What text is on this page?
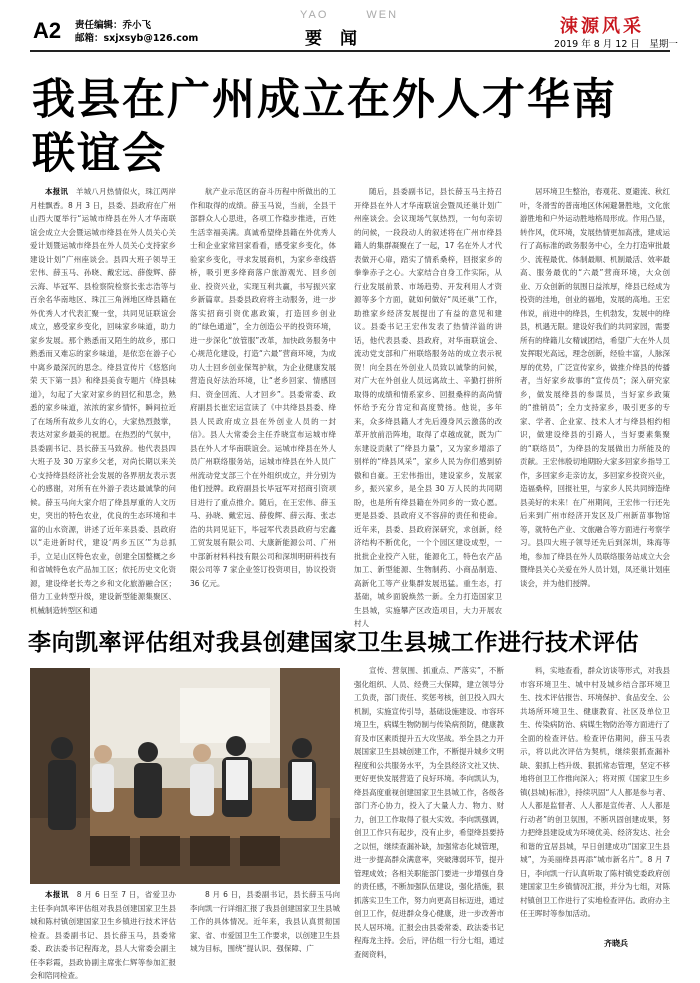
A2 责任编辑：乔小飞
邮箱：sxjxsyb@126.com
YAO	WEN
要闻
涑源风采
2019 年 8 月 12 日　星期一
我县在广州成立在外人才华南
联谊会

本报讯　 羊城八月热情似火，珠江两岸月桂飘香。8 月 3 日，县委、县政府在广州山西大厦举行“运城市绛县在外人才华南联谊会成立大会暨运城市绛县在外人员关心关爱计划暨运城市绛县在外人员关心支持家乡建设计划”广州座谈会。县四大班子领导王宏伟、薛玉马、孙晓、戴宏远、薛俊辉、薛云海、毕冠军、县检察院检察长张志浩等与百余名华南地区、珠江三角洲地区绛县籍在外优秀人才代表汇聚一堂，共同见证联谊会成立，感受家乡变化，回味家乡味道，助力家乡发展。那个熟悉而又陌生的故乡，那口熟悉而又难忘的家乡味道，是依恋在游子心中离乡最深沉的思念。绛县宣传片《悠悠向荣 天下第一县》和绛县美食专题片《绛县味道》，勾起了大家对家乡的回忆和思念，熟悉的家乡味道，浓浓的家乡情怀，瞬间拉近了在场所有故乡儿女的心，大家热烈鼓掌，表达对家乡最美的祝愿。在热烈的气氛中，县委副书记、县长薛玉马致辞。他代表县四大班子及 30 万家乡父老，对尚长期以来关心支持绛县经济社会发展的各界朋友表示衷心的感谢，对所有在外游子表达最诚挚的问候。薛玉马向大家介绍了绛县厚重的人文历史，突出的特色农业，优良的生态环境和丰富的山水资源，讲述了近年来县委、县政府以“走进新时代，建设‘两乡五区’”为总抓手，立足山区特色农业，创建全国整概之乡和省城特色农产品加工区；依托历史文化资源，建设绛老长寿之乡和文化旅游融合区；借力工业转型升级，建设新型能源集聚区、机械制造转型区和通

航产业示范区的奋斗历程中所做出的工作和取得的成绩。薛玉马说，当前，全县干部群众人心思进，各项工作稳步推进，百姓生活幸福美满。真诚希望绛县籍在外优秀人士和企业家常回家看看，感受家乡变化，体验家乡变化，寻求发展商机，为家乡牵线搭桥，吸引更多绛商落户旅游观光、回乡创业、投资兴业，实现互利共赢，书写振兴家乡新篇章。县委县政府将主动服务，进一步落实招商引资优惠政策，打造回乡创业的“绿色通道”，全力创造公平的投资环境，进一步深化“放管服”改革，加快政务服务中心规范化建设，打造“六最”营商环境，为成功人士回乡创业保驾护航，为企业健康发展营造良好法治环境，让“老乡回家、情感回归、资金回流、人才回乡”。县委常委、政府副县长崔宏运宣读了《中共绛县县委、绛县人民政府成立县在外创业人员的一封信》。县人大常委会主任乔晓宣布运城市绛县在外人才华南联谊会。运城市绛县在外人员广州联络服务站，运城市绛县在外人员广州流动党支部三个在外组织成立，并分别为他们授牌。政府副县长毕冠军对招商引资项目进行了重点推介。随后，在王宏伟、薛玉马、孙晓、戴宏远、薛俊辉、薛云海、张志浩的共同见证下，毕冠军代表县政府与宏鑫工贸发展有限公司、大康新能源公司、广州中部新材料科技有限公司和深圳明研科技有限公司等 7 家企业签订投资项目，协议投资 36 亿元。

随后，县委副书记，县长薛玉马主持召开绛县在外人才华南联谊会暨凤还巢计划广州座谈会。会议现场气氛热烈，一句句亲切的问候，一段段动人的叙述将在广州市绛县籍人的集群凝聚在了一起，17 名在外人才代表做开心扉，踏实了情系桑梓，回报家乡的拳拳赤子之心。大家结合自身工作实际，从行业发展前景、市场趋势、开发利用人才资源等多个方面，就如何做好“凤还巢”工作，助推家乡经济发展提出了有益的意见和建议。县委书记王宏伟发表了热情洋溢的讲话，他代表县委、县政府，对华南联谊会、流动党支部和广州联络服务站的成立表示祝贺！向全县在外创业人员致以诚挚的问候，对广大在外创业人员远离故土、辛勤打拼所取得的成绩和情系家乡、回报桑梓的高尚情怀给予充分肯定和高度赞扬。他说，多年来，众多绛县籍人才先后漫身风云激荡的改革开放前沿阵地，取得了卓越成就，既为广东建设贡献了“绛县力量”，又为家乡增添了别样的“绛县风采”，家乡人民为你们感到骄傲和自豪。王宏伟指出，建设家乡，发展家乡，振兴家乡，是全县 30 万人民的共同期盼，也是所有绛县籍在外同乡的一致心愿。更是县委、县政府义不容辞的责任和使命。近年来，县委、县政府深研究，求创新，经济结构不断优化，一个个园区建设成型，一批批企业投产入驻，能源化工，特色农产品加工、新型能源、生物制药、小商品制造、高新化工等产业集群发展迅猛。重生态，打基础，城乡面貌焕然一新。全力打造国家卫生县城，实施攀产区改造项目，大力开展农村人

居环境卫生整治，春观花、夏避流、秋红叶，冬滑雪的普南地区休闲避暑胜地，文化旅游胜地和户外运动胜地格局形成。作用凸显，转作风，优环境，发展热情更加高涨，建成运行了高标准的政务服务中心，全力打造审批最少、流程最优、体制最顺、机制最活、效率最高、服务最优的“六最”营商环境，大众创业、万众创新的氛围日益浓厚，绛县已经成为投资的洼地，创业的福地，发展的高地。王宏伟说，前进中的绛县，生机勃发，发展中的绛县，机遇无限。建设好我们的共同家园，需要所有的绛籍儿女精诚团结，希望广大在外人员发挥眼光高远，理念创新，经验丰富，人脉深厚的优势，广泛宣传家乡，做推介绛县的传播者，当好家乡故事的“宣传员”；深入研究家乡，做发展绛县的参谋员，当好家乡政策的“推销员”；全力支持家乡，吸引更多的专家、学者、企业家、技术人才与绛县相约相识，做建设绛县的引路人，当好要素集聚的“联络员”，为绛县的发展做出力所能及的贡献。王宏伟殷切地期盼大家多回家乡指导工作，多回家乡走亲访友，多回家乡投资兴业，造福桑梓，回报社里，与家乡人民共同缔造绛县美好的未来！在广州期间，王宏伟一行还先后来到广州市经济开发区及广州新苗事物馆等，就特色产业、文旅融合等方面进行考察学习。县四大班子领导还先后到深圳，珠海等地，参加了绛县在外人员联络服务站成立大会暨绛县关心关爱在外人员计划，凤还巢计划座谈会，并为他们授牌。

李向凯率评估组对我县创建国家卫生县城工作进行技术评估

本报讯　 8 月 6 日至 7 日，省爱卫办主任李向凯率评估组对我县创建国家卫生县城和陈村镇创建国家卫生乡镇进行技术评估检查。县委副书记、县长薛玉马，县委常委、政法委书记程海龙，县人大常委会副主任李彩霞，县政协副主席张仁辉等参加汇报会和陪同检查。

8 月 6 日，县委副书记，县长薛玉马向李向凯一行详细汇报了我县创建国家卫生县城工作的具体情况。近年来，我县认真贯彻国家、省、市爱国卫生工作要求，以创建卫生县城为目标，围绕“提认识、强保障、广

宣传、营氛围、抓重点、严落实”，不断强化组织、人员、经费三大保障，建立领导分工负责，部门责任、奖惩考核，创卫投入四大机制，实施宣传引导，基础设施建设、市容环境卫生，病媒生物防制与传染病预防，健康教育及市区素质提升五大攻坚战。举全县之力开展国家卫生县城创建工作，不断提升城乡文明程度和公共服务水平，为全县经济文社又快、更好更快发展营造了良好环境。李向凯认为，绛县高度重视创建国家卫生县城工作，各级各部门齐心协力，投入了大量人力、物力、财力，创卫工作取得了很大实效。李向凯强调，创卫工作只有起步，没有止步，希望绛县要持之以恒，继续查漏补缺，加强常态化城管理，进一步提高群众满意率，突破薄弱环节，提升管理成效；各相关职能部门要进一步增强自身的责任感，不断加强队伍建设，强化措施，狠抓落实卫生工作，努力向更高目标迈进，通过创卫工作，促进群众身心健康，进一步改善市民人居环境。汇报会由县委常委、政法委书记程海龙主持。会后，评估组一行分七组，通过查阅资料，

料，实地查看，群众访谈等形式，对我县市容环境卫生、城中村及城乡结合部环境卫生、技术评估报告、环境保护、食品安全、公共场所环境卫生、健康教育、社区及单位卫生、传染病防治、病媒生物防治等方面进行了全面的检查评估。检查评估期间，薛玉马表示，将以此次评估为契机，继续狠抓查漏补缺、狠抓上档升级、狠抓常态管理，坚定不移地将创卫工作推向深入；将对照《国家卫生乡镇(县城)标准》，持续巩固“人人都是参与者、人人都是监督者、人人都是宣传者、人人都是行动者”的创卫氛围，不断巩固创建成果，努力把绛县建设成为环境优美、经济发达、社会和谐的宜居县城，早日创建成功“国家卫生县城”，为美丽绛县再添“城市新名片”。8 月 7 日，李向凯一行认真听取了陈村镇党委政府创建国家卫生乡镇情况汇报，并分为七组，对陈村镇创卫工作进行了实地检查评估。政府办主任王晖时等参加活动。

齐晓兵
